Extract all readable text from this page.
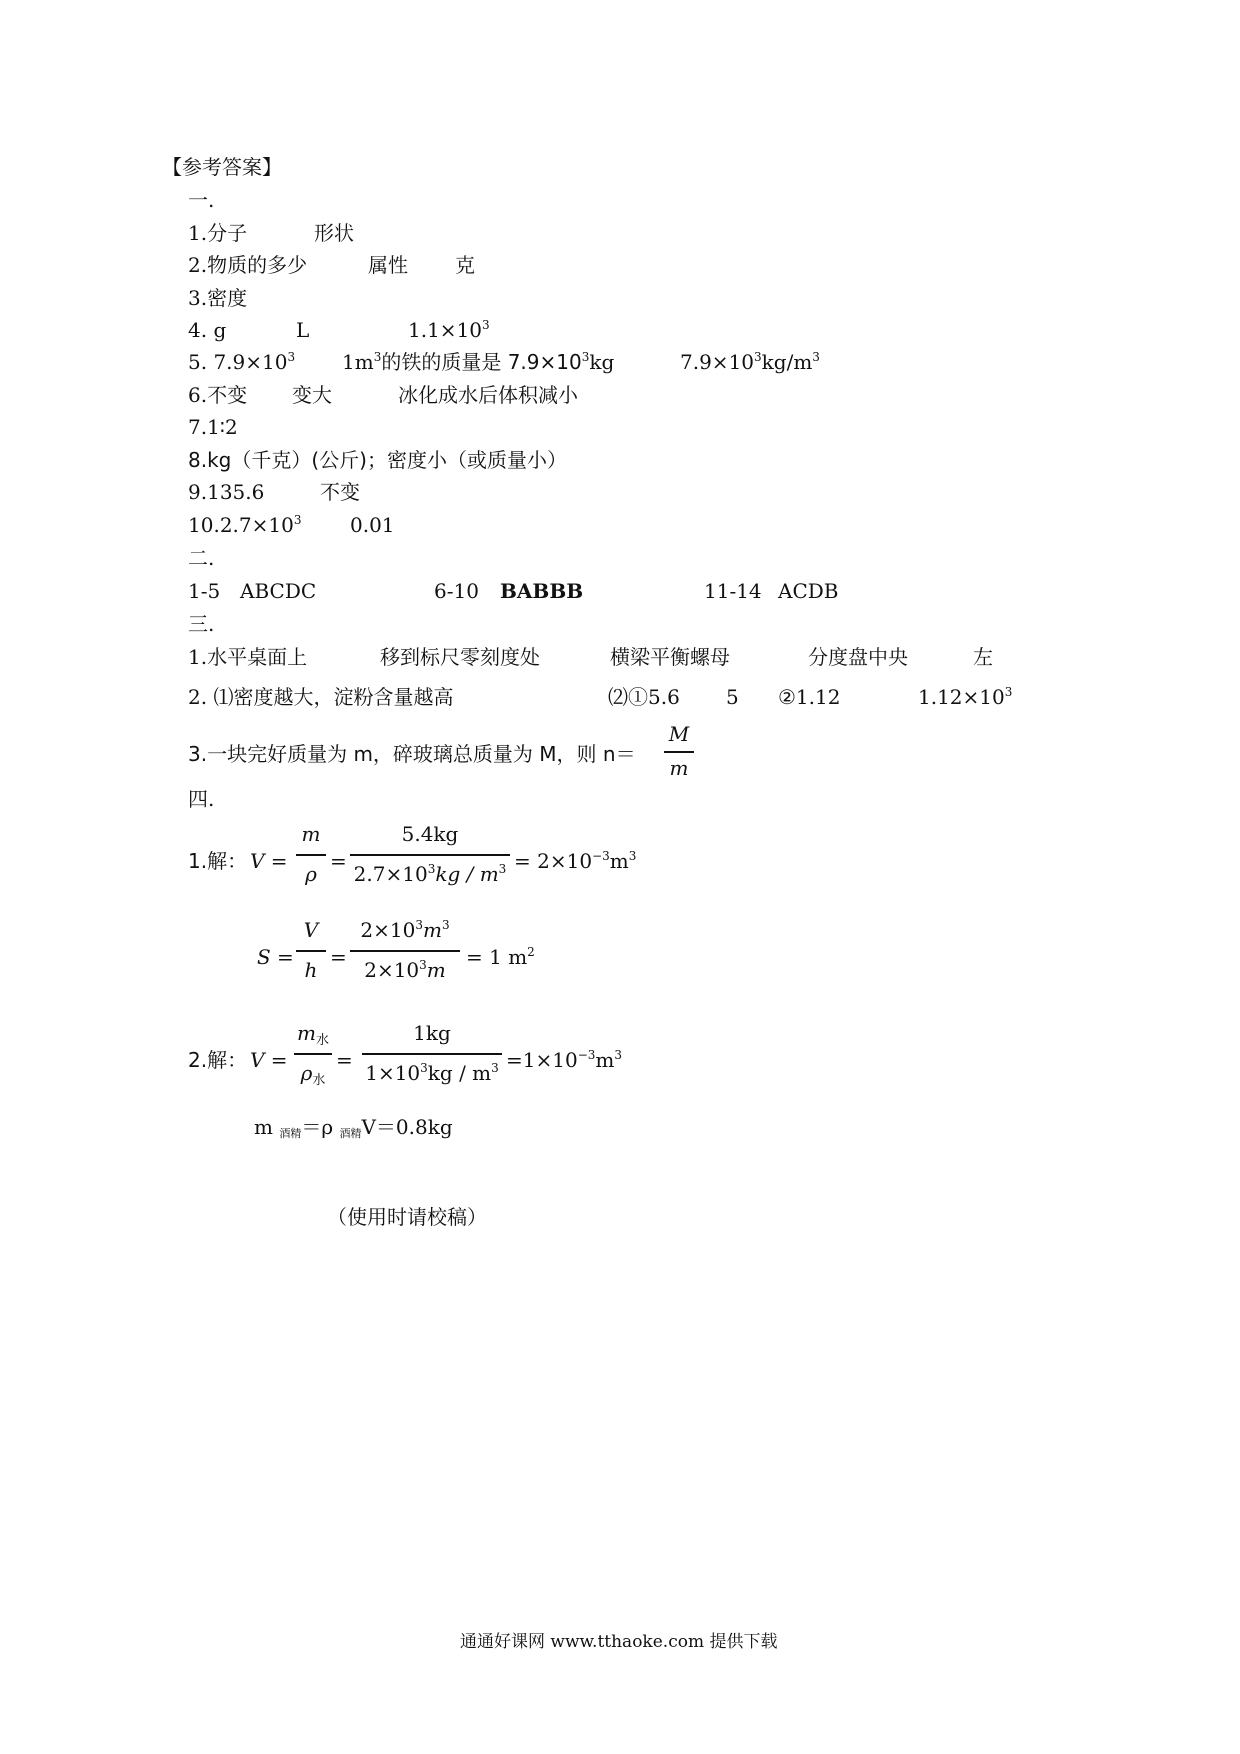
【参考答案】
一.
1.分子	形状
2.物质的多少	属性 克
3.密度
4. g	L	$1.1\times 10^3$
5. $7.9\times 10^3$ $1m^3$的铁的质量是 $7.9\times 10^3kg$	$7.9\times 10^3kg/m^3$
6.不变 变大	冰化成水后体积减小
7.1∶2
8.kg（千克）(公斤)；密度小（或质量小）
9.135.6	不变
$10.2.7\times 10^3$ 0.01
二.
1-5 ABCDC	6-10 BABBB	11-14 ACDB
三.
1.水平桌面上	移到标尺零刻度处	横梁平衡螺母	分度盘中央	左
2. ⑴密度越大，淀粉含量越高	⑵①5.6 5 ②1.12	$1.12\times 10^3$
3.一块完好质量为 m，碎玻璃总质量为 M，则 n＝
M
m
四.
1.解： V =
m
ρ
=
5.4kg
$2.7\times 10^3kg / m^3 = 2\times 10^{-3}m^3$
S =
V
h
=
$2\times 10^3m^3$
$2\times 10^3m$
= 1 $m^2$
2.解： V =
$m_水$
$\rho_水$
=
1kg
$1\times 10^3kg / m^3 =1\times 10^{-3}m^3$
m 酒精＝ρ 酒精V＝0.8kg
（使用时请校稿）
通通好课网 www.tthaoke.com 提供下载
